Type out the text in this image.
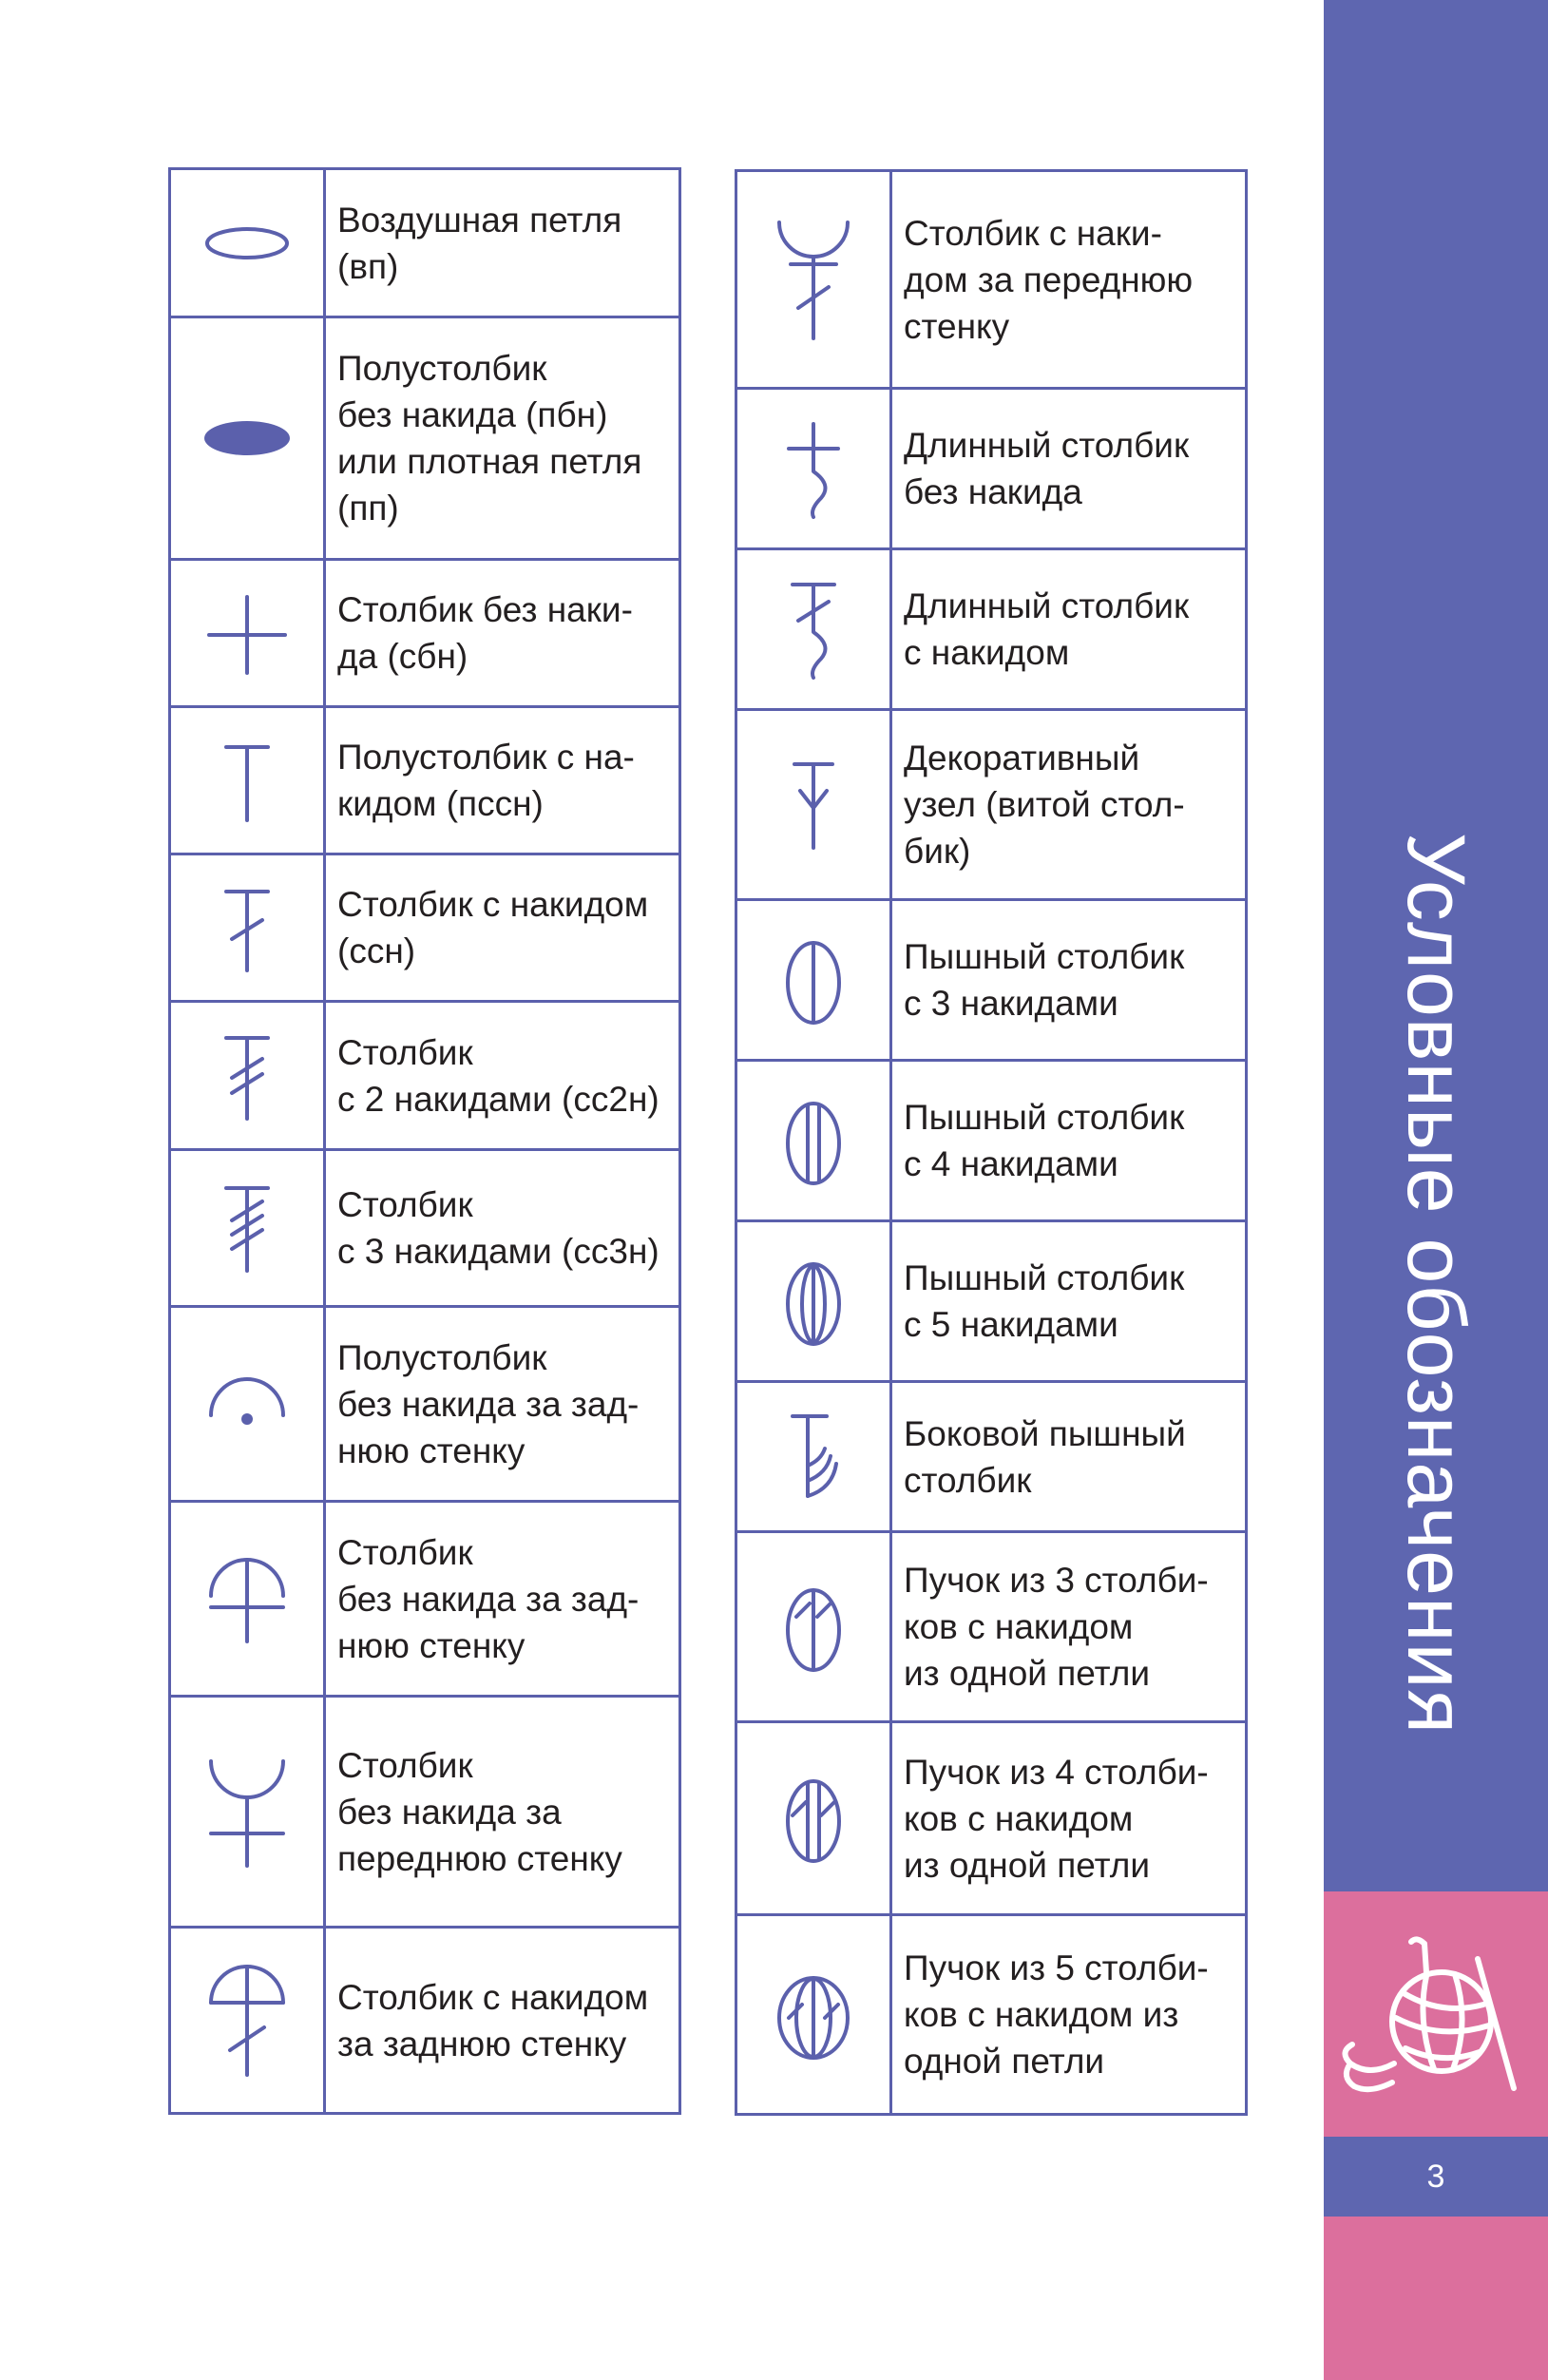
	Воздушная петля
(вп)

	Полустолбик
без накида (пбн)
или плотная петля
(пп)

	Столбик без наки-
да (сбн)

	Полустолбик с на-
кидом (пссн)

	Столбик с накидом
(ссн)

	Столбик
с 2 накидами (сс2н)

	Столбик
с 3 накидами (сс3н)

	Полустолбик
без накида за зад-
нюю стенку

	Столбик
без накида за зад-
нюю стенку

	Столбик
без накида за
переднюю стенку

	Столбик с накидом
за заднюю стенку
	Столбик с наки-
дом за переднюю
стенку

	Длинный столбик
без накида

	Длинный столбик
с накидом

	Декоративный
узел (витой стол-
бик)

	Пышный столбик
с 3 накидами

	Пышный столбик
с 4 накидами

	Пышный столбик
с 5 накидами

	Боковой пышный
столбик

	Пучок из 3 столби-
ков с накидом
из одной петли

	Пучок из 4 столби-
ков с накидом
из одной петли

	Пучок из 5 столби-
ков с накидом из
одной петли
Условные обозначения
3
